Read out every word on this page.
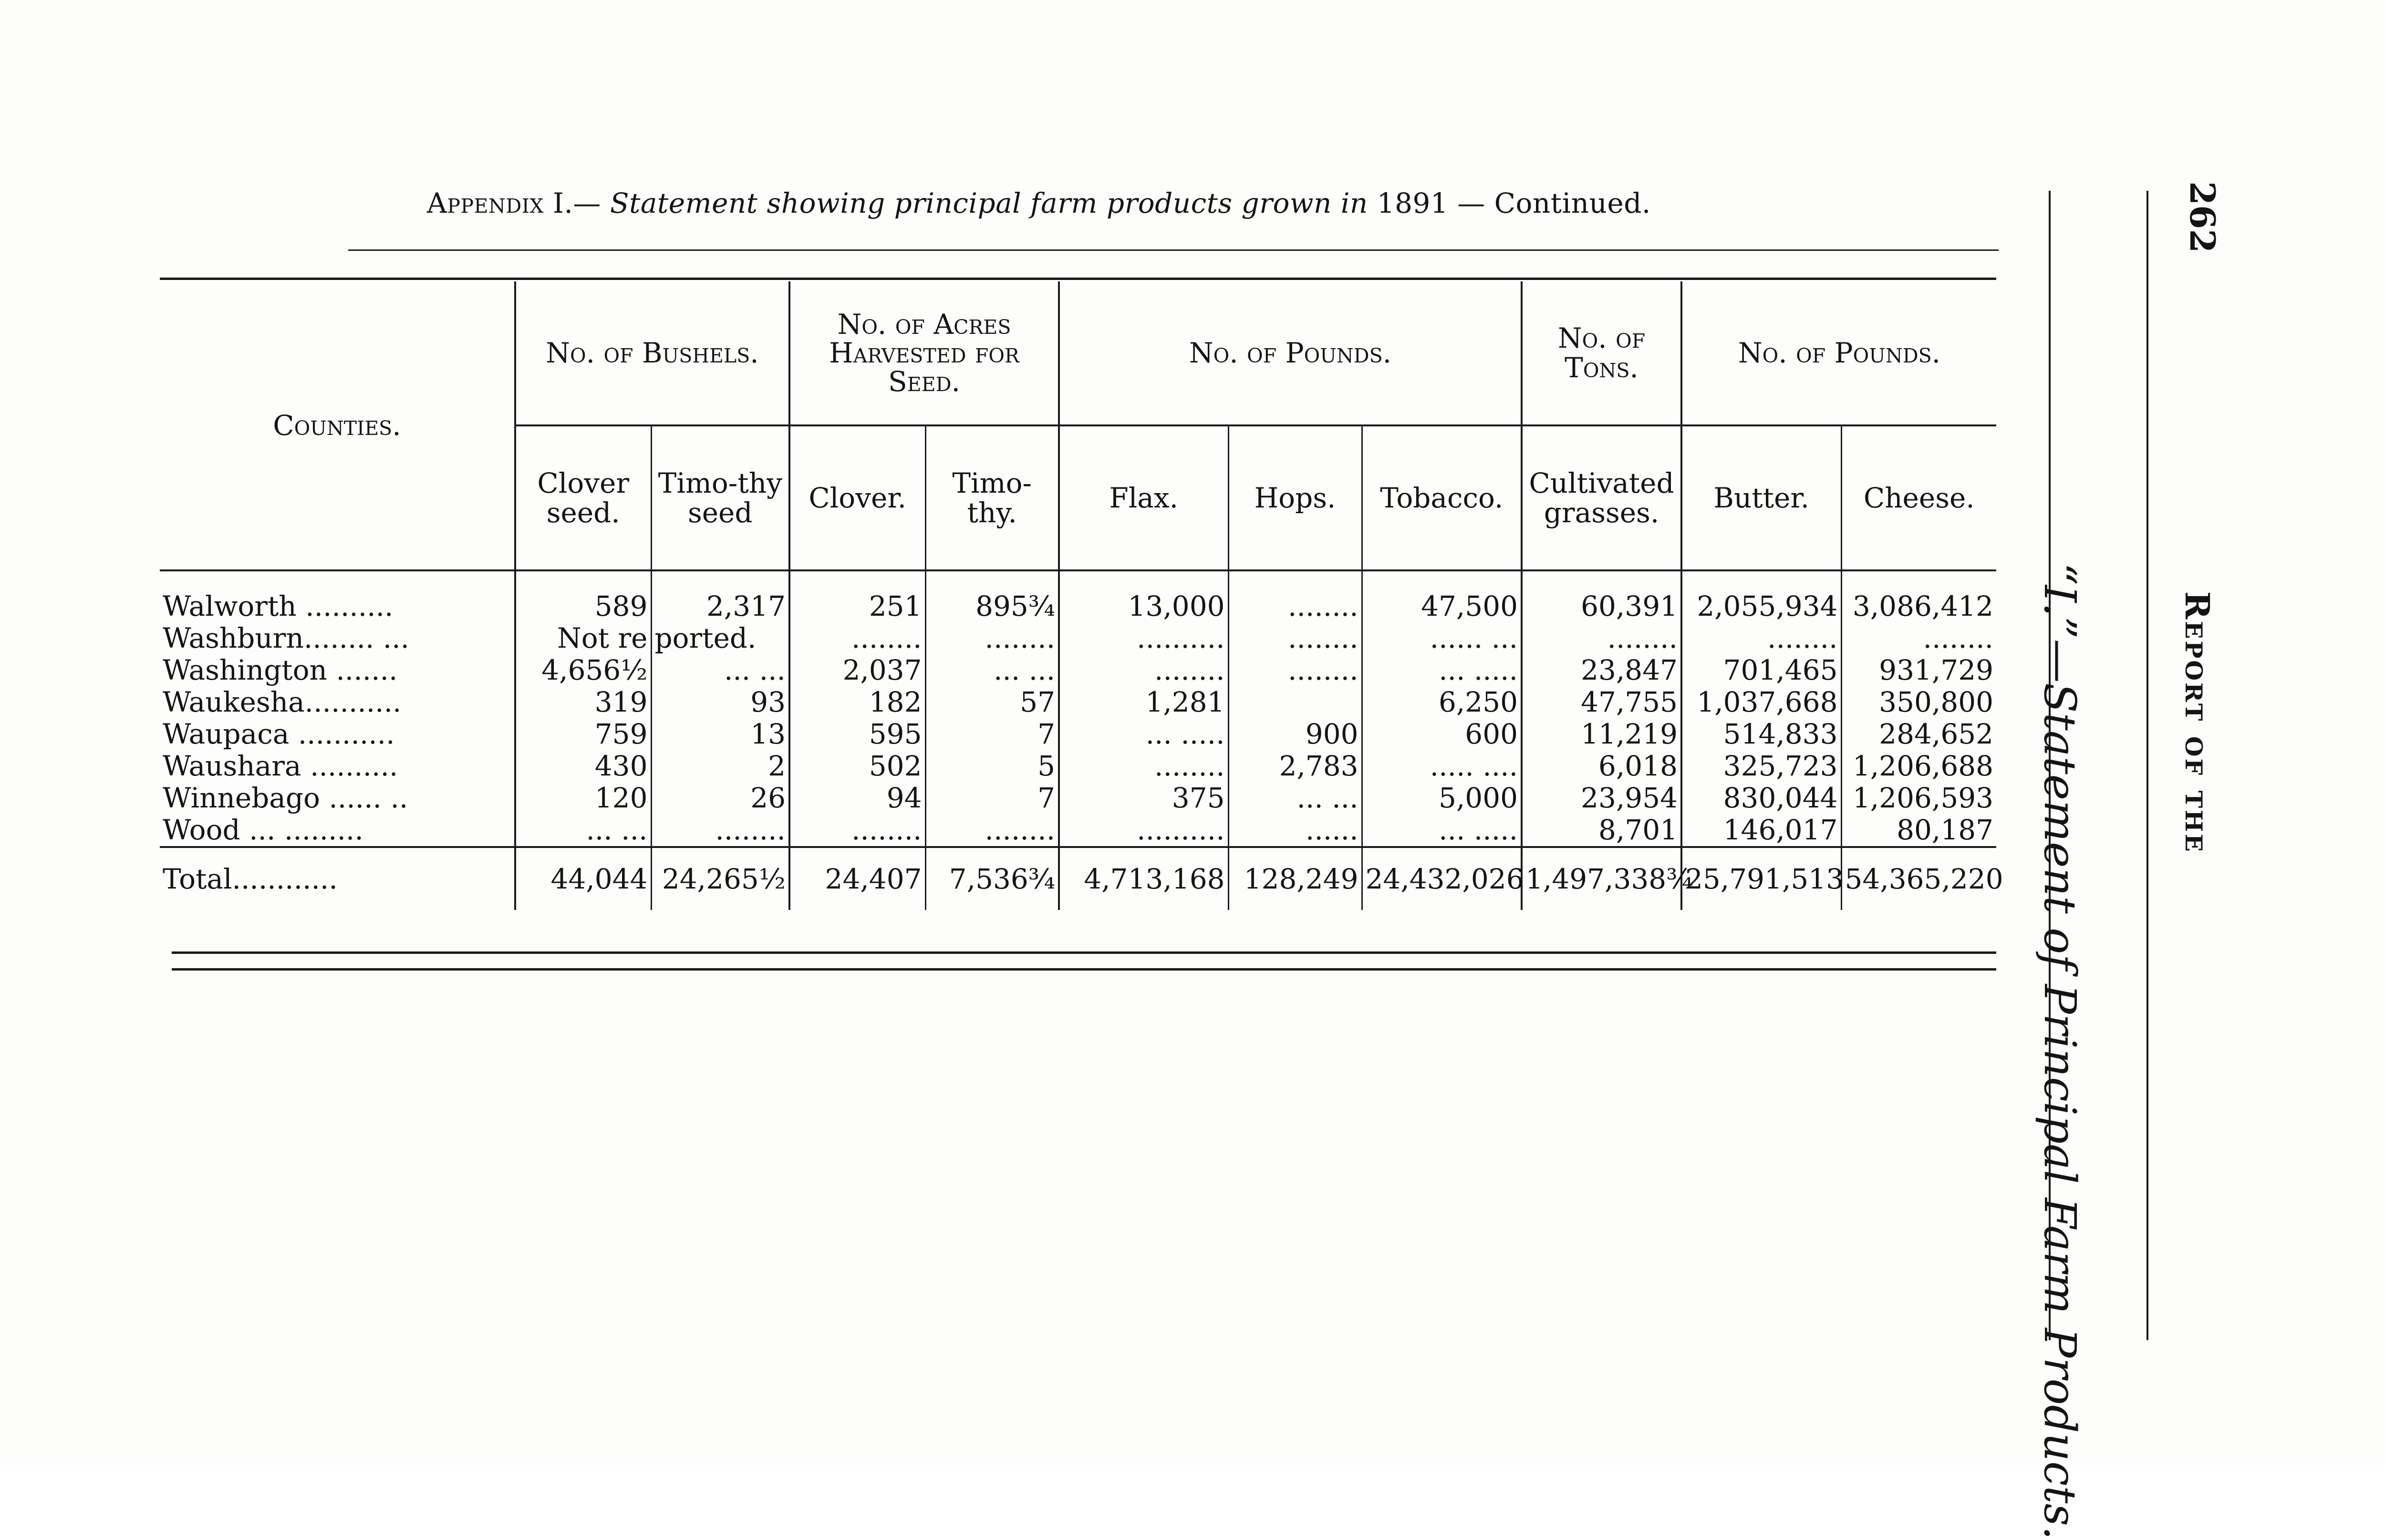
Appendix I.— Statement showing principal farm products grown in 1891 — Continued.
Counties.	No. of Bushels.		No. of Acres Harvested for Seed.		No. of Pounds.			No. of Tons.	No. of Pounds.	
	Clover seed.	Timo-thy seed	Clover.	Timo-thy.	Flax.	Hops.	Tobacco.	Cultivated grasses.	Butter.	Cheese.

Walworth ..........	589	2,317	251	895¾	13,000	........	47,500	60,391	2,055,934	3,086,412
Washburn........ ...	Not re	ported.	........	........	..........	........	...... ...	........	........	........
Washington .......	4,656½	... ...	2,037	... ...	........	........	... .....	23,847	701,465	931,729
Waukesha...........	319	93	182	57	1,281		6,250	47,755	1,037,668	350,800
Waupaca ...........	759	13	595	7	... .....	900	600	11,219	514,833	284,652
Waushara ..........	430	2	502	5	........	2,783	..... ....	6,018	325,723	1,206,688
Winnebago ...... ..	120	26	94	7	375	... ...	5,000	23,954	830,044	1,206,593
Wood ... .........	... ...	........	........	........	..........	......	... .....	8,701	146,017	80,187
Total............	44,044	24,265½	24,407	7,536¾	4,713,168	128,249	24,432,026	1,497,338¾	25,791,513	54,365,220 “I.”—Statement of Principal Farm Products.	Report of the
262
